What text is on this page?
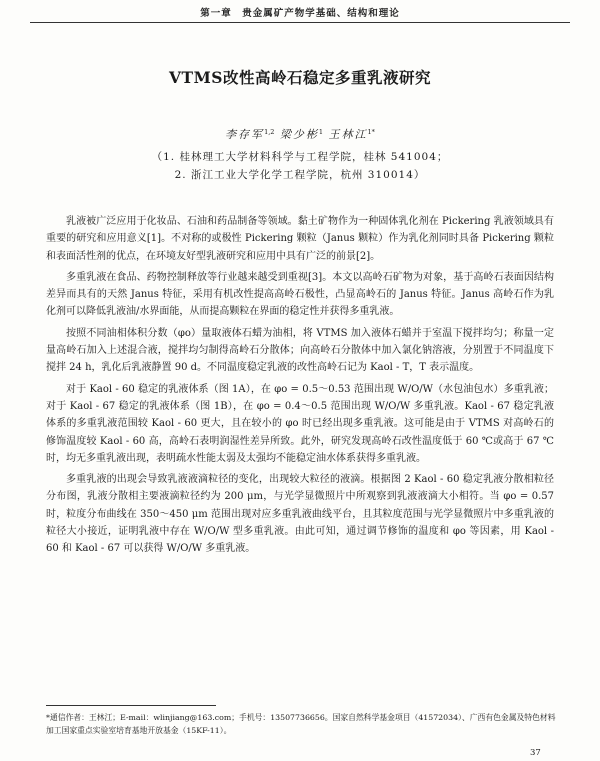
第一章　贵金属矿产物学基础、结构和理论
VTMS改性高岭石稳定多重乳液研究
李存军$^{1,2}$ 梁少彬$^1$ 王林江$^{1*}$
（1. 桂林理工大学材料科学与工程学院，桂林 541004；
2. 浙江工业大学化学工程学院，杭州 310014）

乳液被广泛应用于化妆品、石油和药品制备等领域。黏土矿物作为一种固体乳化剂在 Pickering 乳液领域具有重要的研究和应用意义[1]。不对称的或极性 Pickering 颗粒（Janus 颗粒）作为乳化剂同时具备 Pickering 颗粒和表面活性剂的优点，在环境友好型乳液研究和应用中具有广泛的前景[2]。

多重乳液在食品、药物控制释放等行业越来越受到重视[3]。本文以高岭石矿物为对象，基于高岭石表面因结构差异而具有的天然 Janus 特征，采用有机改性提高高岭石极性，凸显高岭石的 Janus 特征。Janus 高岭石作为乳化剂可以降低乳液油/水界面能，从而提高颗粒在界面的稳定性并获得多重乳液。

按照不同油相体积分数（φo）量取液体石蜡为油相，将 VTMS 加入液体石蜡并于室温下搅拌均匀；称量一定量高岭石加入上述混合液，搅拌均匀制得高岭石分散体；向高岭石分散体中加入氯化钠溶液，分别置于不同温度下搅拌 24 h，乳化后乳液静置 90 d。不同温度稳定乳液的改性高岭石记为 Kaol - T，T 表示温度。

对于 Kaol - 60 稳定的乳液体系（图 1A），在 φo = 0.5～0.53 范围出现 W/O/W（水包油包水）多重乳液；对于 Kaol - 67 稳定的乳液体系（图 1B），在 φo = 0.4～0.5 范围出现 W/O/W 多重乳液。Kaol - 67 稳定乳液体系的多重乳液范围较 Kaol - 60 更大，且在较小的 φo 时已经出现多重乳液。这可能是由于 VTMS 对高岭石的修饰温度较 Kaol - 60 高，高岭石表明润湿性差异所致。此外，研究发现高岭石改性温度低于 60 ℃或高于 67 ℃时，均无多重乳液出现，表明疏水性能太弱及太强均不能稳定油水体系获得多重乳液。

多重乳液的出现会导致乳液液滴粒径的变化，出现较大粒径的液滴。根据图 2 Kaol - 60 稳定乳液分散相粒径分布图，乳液分散相主要液滴粒径约为 200 μm，与光学显微照片中所观察到乳液液滴大小相符。当 φo = 0.57 时，粒度分布曲线在 350～450 μm 范围出现对应多重乳液曲线平台，且其粒度范围与光学显微照片中多重乳液的粒径大小接近，证明乳液中存在 W/O/W 型多重乳液。由此可知，通过调节修饰的温度和 φo 等因素，用 Kaol - 60 和 Kaol - 67 可以获得 W/O/W 多重乳液。

*通信作者：王林江；E-mail：wlinjiang@163.com；手机号：13507736656。国家自然科学基金项目（41572034）、广西有色金属及特色材料加工国家重点实验室培育基地开放基金（15KF-11）。
37
